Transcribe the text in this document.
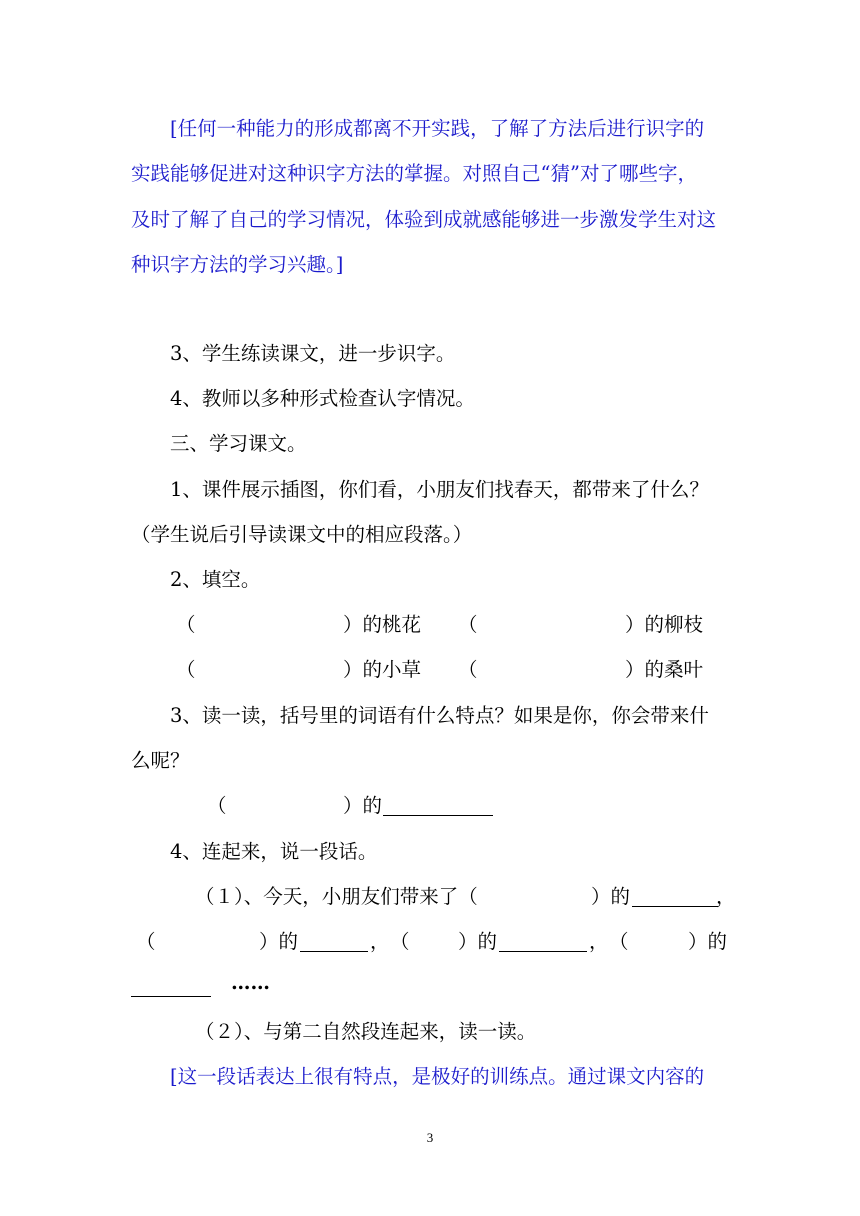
[任何一种能力的形成都离不开实践，了解了方法后进行识字的
实践能够促进对这种识字方法的掌握。对照自己“猜”对了哪些字，
及时了解了自己的学习情况，体验到成就感能够进一步激发学生对这
种识字方法的学习兴趣。]
3、学生练读课文，进一步识字。
4、教师以多种形式检查认字情况。
三、学习课文。
1、课件展示插图，你们看，小朋友们找春天，都带来了什么？
（学生说后引导读课文中的相应段落。）
2、填空。
（	）的桃花 （	）的柳枝
（	）的小草 （	）的桑叶
3、读一读，括号里的词语有什么特点？如果是你，你会带来什
么呢？
（	）的
4、连起来，说一段话。
（１）、今天，小朋友们带来了（	）的	，
（	）的	， （ ）的	， （	）的
……
（２）、与第二自然段连起来，读一读。
[这一段话表达上很有特点，是极好的训练点。通过课文内容的
3
